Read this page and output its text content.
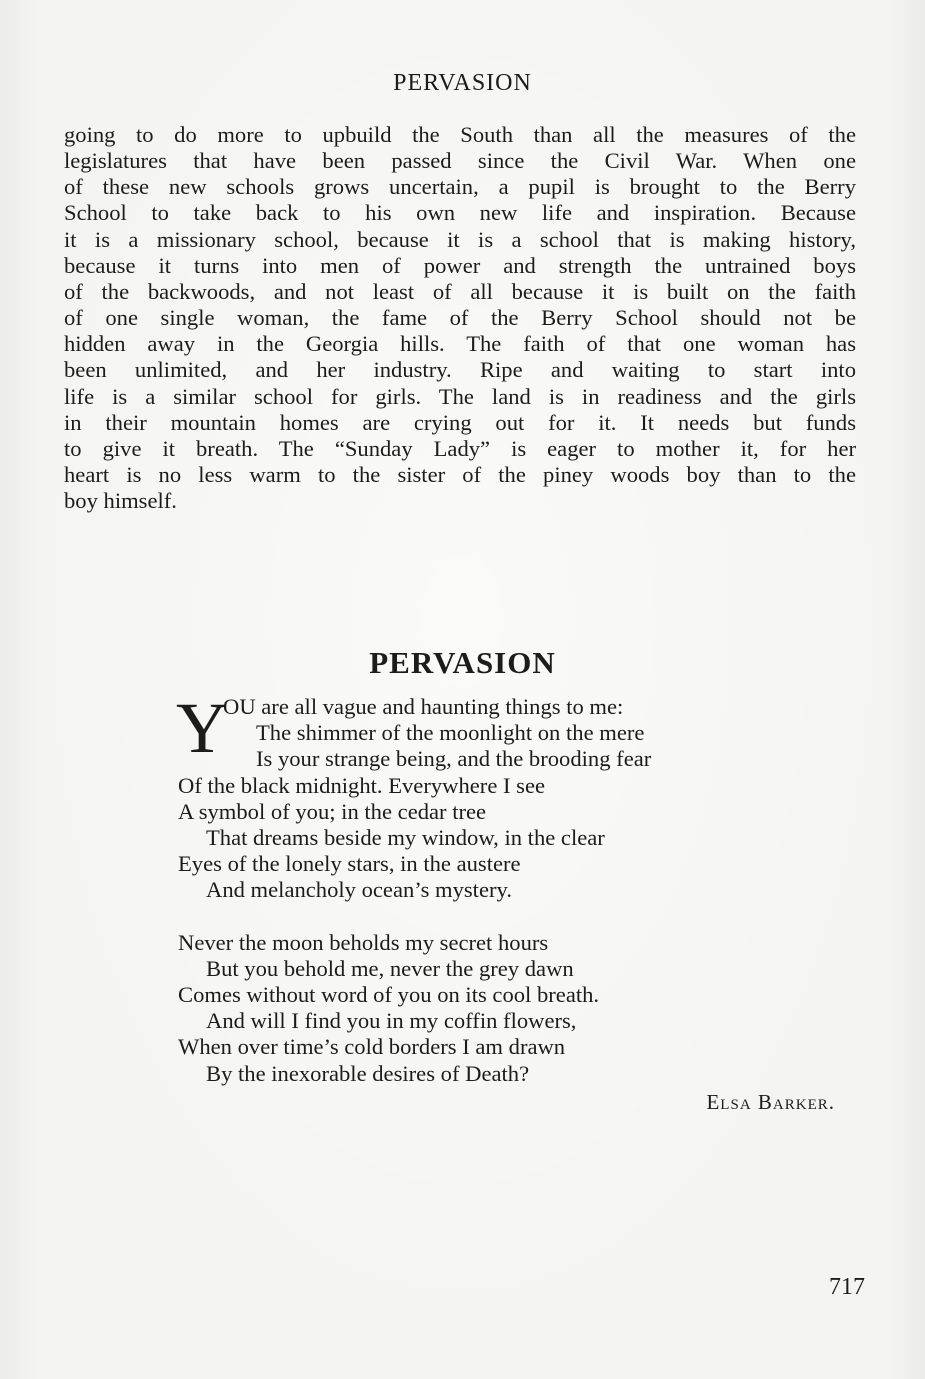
PERVASION
going to do more to upbuild the South than all the measures of the
legislatures that have been passed since the Civil War. When one
of these new schools grows uncertain, a pupil is brought to the Berry
School to take back to his own new life and inspiration. Because
it is a missionary school, because it is a school that is making history,
because it turns into men of power and strength the untrained boys
of the backwoods, and not least of all because it is built on the faith
of one single woman, the fame of the Berry School should not be
hidden away in the Georgia hills. The faith of that one woman has
been unlimited, and her industry. Ripe and waiting to start into
life is a similar school for girls. The land is in readiness and the girls
in their mountain homes are crying out for it. It needs but funds
to give it breath. The “Sunday Lady” is eager to mother it, for her
heart is no less warm to the sister of the piney woods boy than to the
boy himself.
PERVASION
Y
OU are all vague and haunting things to me:
The shimmer of the moonlight on the mere
Is your strange being, and the brooding fear
Of the black midnight. Everywhere I see
A symbol of you; in the cedar tree
That dreams beside my window, in the clear
Eyes of the lonely stars, in the austere
And melancholy ocean’s mystery.
Never the moon beholds my secret hours
But you behold me, never the grey dawn
Comes without word of you on its cool breath.
And will I find you in my coffin flowers,
When over time’s cold borders I am drawn
By the inexorable desires of Death?
Elsa Barker.
717
